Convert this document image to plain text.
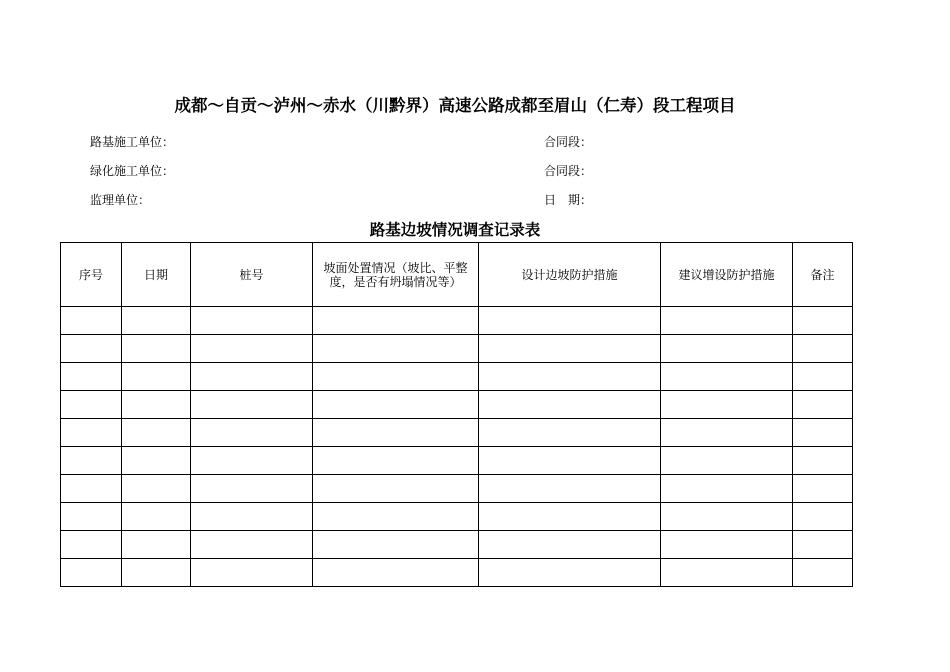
成都～自贡～泸州～赤水（川黔界）高速公路成都至眉山（仁寿）段工程项目
路基施工单位：	合同段：
绿化施工单位：	合同段：
监理单位：	日　期：
路基边坡情况调查记录表
序号	日期	桩号	坡面处置情况（坡比、平整度，是否有坍塌情况等）	设计边坡防护措施	建议增设防护措施	备注
